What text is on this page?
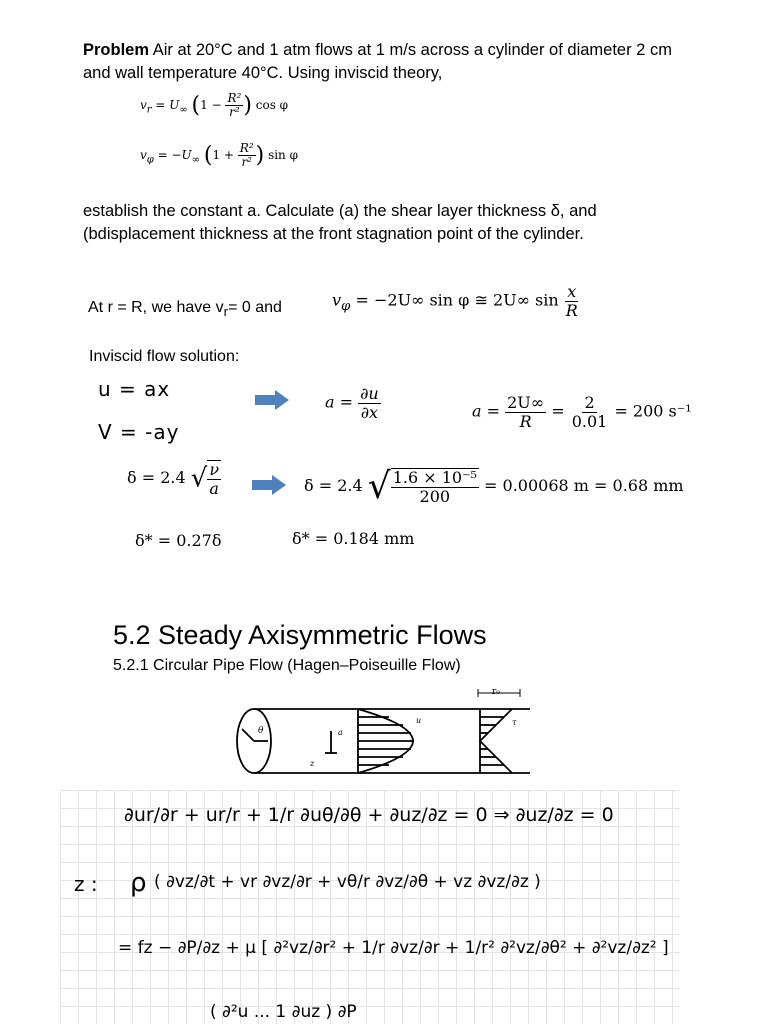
Problem Air at 20°C and 1 atm flows at 1 m/s across a cylinder of diameter 2 cm
and wall temperature 40°C. Using inviscid theory,
$v_r = U_\infty$ ($1 - \frac{\text{R²}}{\text{r²}}$ ) cos φ
$v_\varphi = -U_\infty$ ($1 + \frac{\text{R²}}{\text{r²}}$ ) sin φ
establish the constant a. Calculate (a) the shear layer thickness δ, and
(bdisplacement thickness at the front stagnation point of the cylinder.
At r = R, we have $v_r= 0$ and	$v_\varphi = -2U\infty$ sin φ ≅ 2U∞ $\sin \frac{x}{R}$
Inviscid flow solution:
u = ax
V = -ay
$a = \frac{\partial u}{\partial x}$	$a = \frac{2U\infty}{R} = \frac{2}{0.01} = 200$ s⁻¹
δ = 2.4 √ $\frac{\nu}{a}$	δ = 2.4 √ $\frac{\text{1.6 × 10⁻⁵}}{200} = 0.00068$ m = 0.68 mm
δ* = 0.27δ	δ* = 0.184 mm
5.2 Steady Axisymmetric Flows
5.2.1 Circular Pipe Flow (Hagen–Poiseuille Flow)
r₀
θ	a
z
u	τ
∂ur/∂r + ur/r + 1/r ∂uθ/∂θ + ∂uz/∂z = 0 ⇒ ∂uz/∂z = 0
z : ρ ( ∂vz/∂t + vr ∂vz/∂r + vθ/r ∂vz/∂θ + vz ∂vz/∂z )
= fz − ∂P/∂z + μ [ ∂²vz/∂r² + 1/r ∂vz/∂r + 1/r² ∂²vz/∂θ² + ∂²vz/∂z² ]
( ∂²u ... 1 ∂uz ) ∂P
